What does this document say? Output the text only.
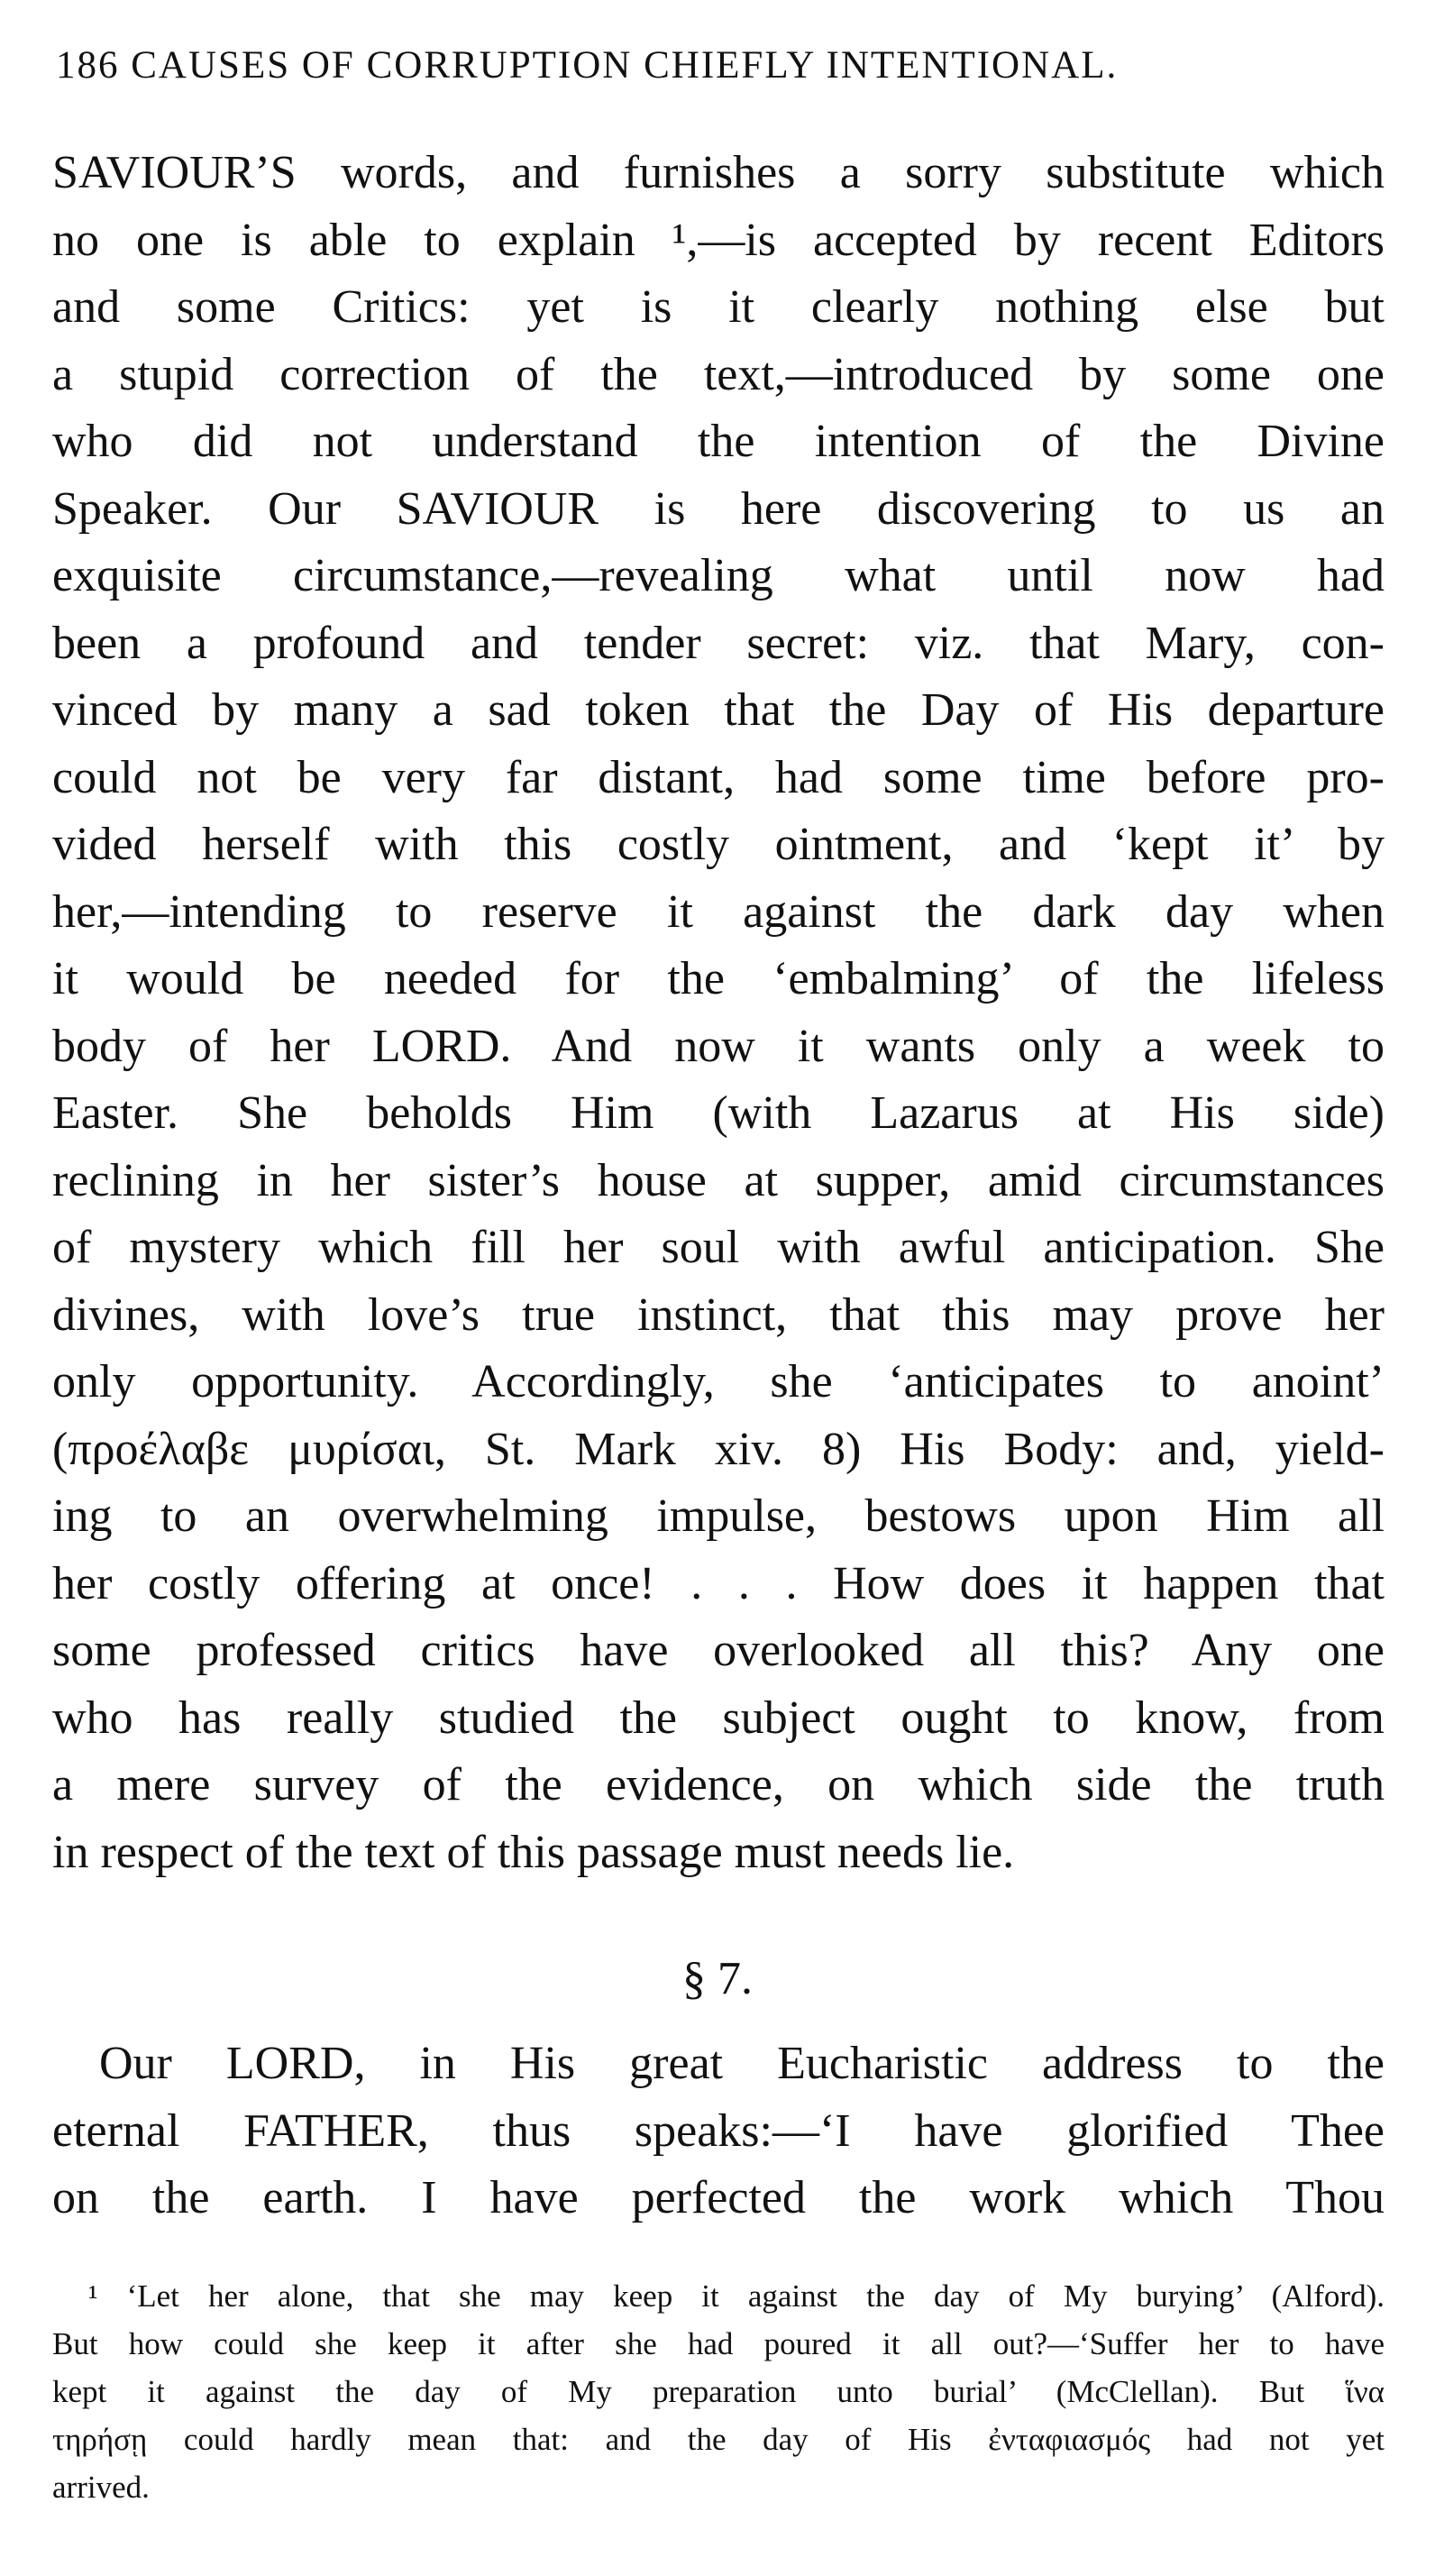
186 CAUSES OF CORRUPTION CHIEFLY INTENTIONAL.
SAVIOUR’S words, and furnishes a sorry substitute which
no one is able to explain ¹,—is accepted by recent Editors
and some Critics: yet is it clearly nothing else but
a stupid correction of the text,—introduced by some one
who did not understand the intention of the Divine
Speaker. Our SAVIOUR is here discovering to us an
exquisite circumstance,—revealing what until now had
been a profound and tender secret: viz. that Mary, con-
vinced by many a sad token that the Day of His departure
could not be very far distant, had some time before pro-
vided herself with this costly ointment, and ‘kept it’ by
her,—intending to reserve it against the dark day when
it would be needed for the ‘embalming’ of the lifeless
body of her LORD. And now it wants only a week to
Easter. She beholds Him (with Lazarus at His side)
reclining in her sister’s house at supper, amid circumstances
of mystery which fill her soul with awful anticipation. She
divines, with love’s true instinct, that this may prove her
only opportunity. Accordingly, she ‘anticipates to anoint’
(προέλαβε μυρίσαι, St. Mark xiv. 8) His Body: and, yield-
ing to an overwhelming impulse, bestows upon Him all
her costly offering at once! . . . How does it happen that
some professed critics have overlooked all this? Any one
who has really studied the subject ought to know, from
a mere survey of the evidence, on which side the truth
in respect of the text of this passage must needs lie.
§ 7.
Our LORD, in His great Eucharistic address to the
eternal FATHER, thus speaks:—‘I have glorified Thee
on the earth. I have perfected the work which Thou
¹ ‘Let her alone, that she may keep it against the day of My burying’ (Alford).
But how could she keep it after she had poured it all out?—‘Suffer her to have
kept it against the day of My preparation unto burial’ (McClellan). But ἵνα
τηρήσῃ could hardly mean that: and the day of His ἐνταφιασμός had not yet
arrived.
